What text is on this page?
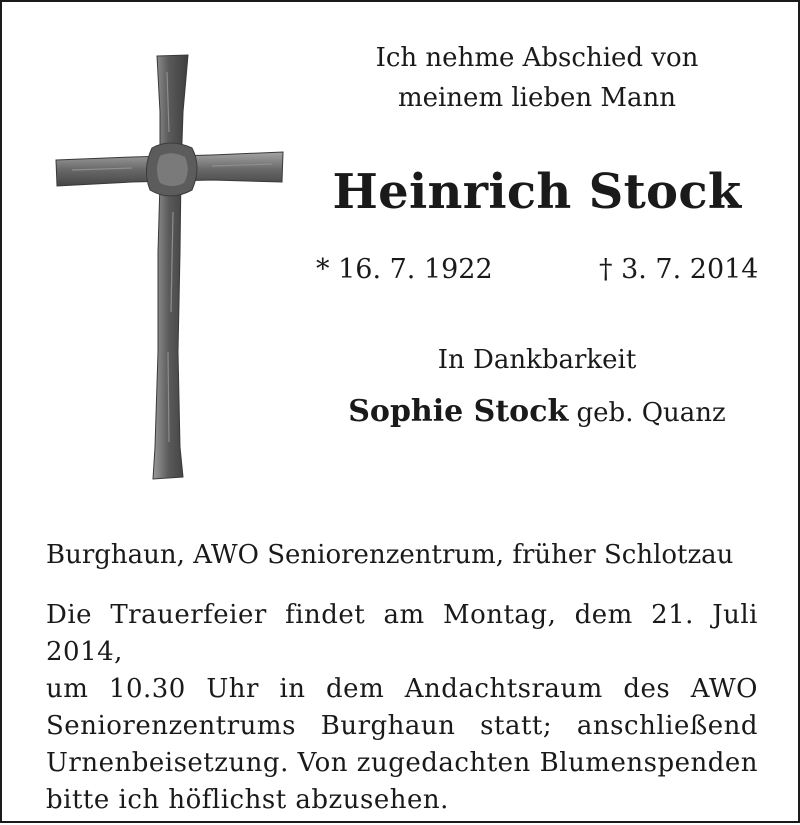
Ich nehme Abschied von
meinem lieben Mann
Heinrich Stock
* 16. 7. 1922	† 3. 7. 2014
In Dankbarkeit
Sophie Stock geb. Quanz
Burghaun, AWO Seniorenzentrum, früher Schlotzau
Die Trauerfeier findet am Montag, dem 21. Juli 2014,
um 10.30 Uhr in dem Andachtsraum des AWO
Seniorenzentrums Burghaun statt; anschließend
Urnenbeisetzung. Von zugedachten Blumenspenden
bitte ich höflichst abzusehen.
